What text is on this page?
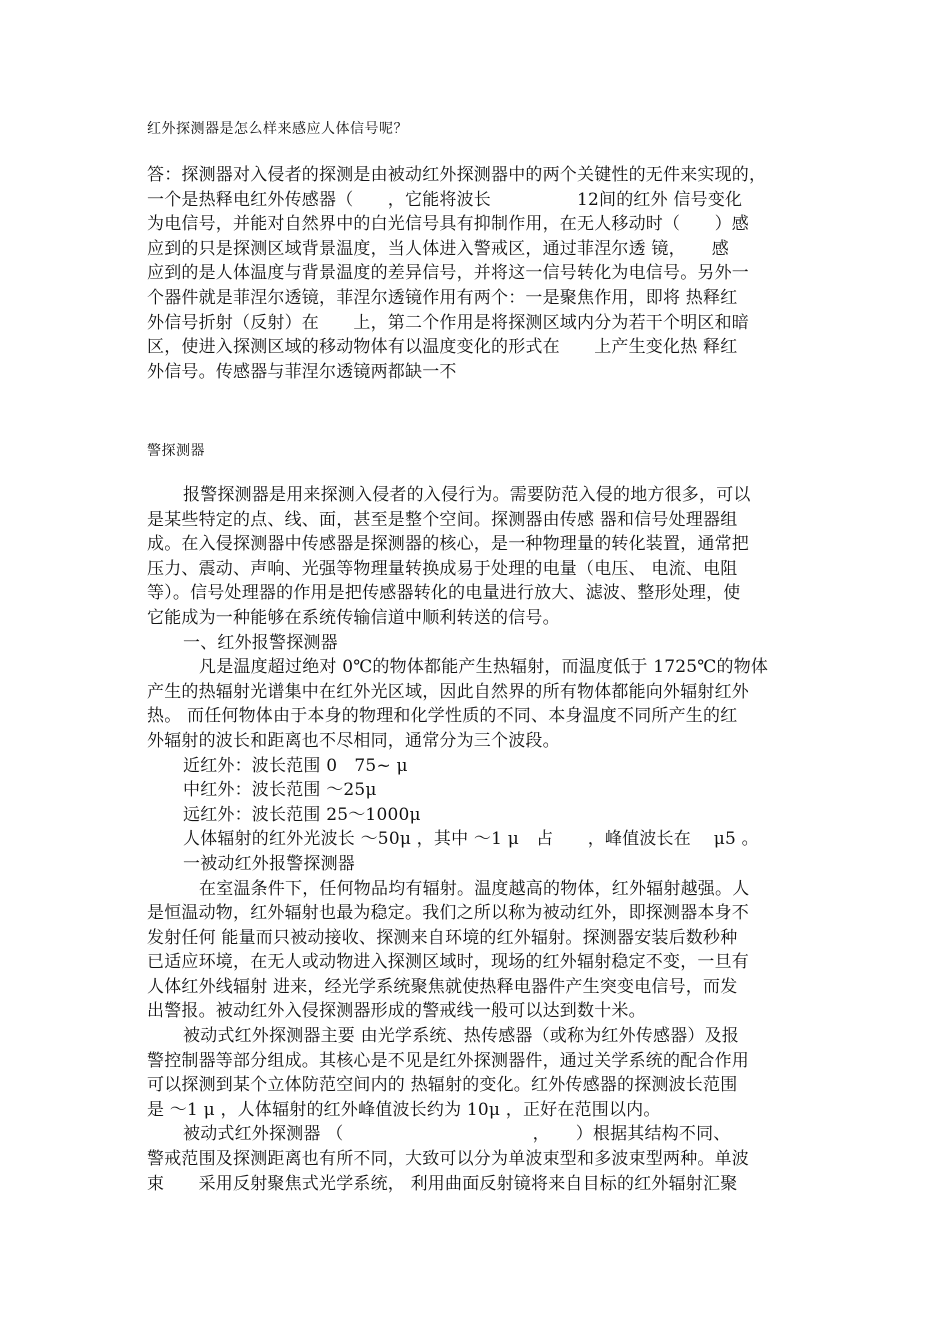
红外探测器是怎么样来感应人体信号呢？
答：探测器对入侵者的探测是由被动红外探测器中的两个关键性的无件来实现的，
一个是热释电红外传感器（　　，它能将波长　　　　　12间的红外 信号变化
为电信号，并能对自然界中的白光信号具有抑制作用，在无人移动时（　　）感
应到的只是探测区域背景温度，当人体进入警戒区，通过菲涅尔透 镜，　　感
应到的是人体温度与背景温度的差异信号，并将这一信号转化为电信号。另外一
个器件就是菲涅尔透镜，菲涅尔透镜作用有两个：一是聚焦作用，即将 热释红
外信号折射（反射）在　　上，第二个作用是将探测区域内分为若干个明区和暗
区，使进入探测区域的移动物体有以温度变化的形式在　　上产生变化热 释红
外信号。传感器与菲涅尔透镜两都缺一不
警探测器
报警探测器是用来探测入侵者的入侵行为。需要防范入侵的地方很多，可以
是某些特定的点、线、面，甚至是整个空间。探测器由传感 器和信号处理器组
成。在入侵探测器中传感器是探测器的核心，是一种物理量的转化装置，通常把
压力、震动、声响、光强等物理量转换成易于处理的电量（电压、 电流、电阻
等）。信号处理器的作用是把传感器转化的电量进行放大、滤波、整形处理，使
它能成为一种能够在系统传输信道中顺利转送的信号。
一、红外报警探测器
凡是温度超过绝对 0℃的物体都能产生热辐射，而温度低于 1725℃的物体
产生的热辐射光谱集中在红外光区域，因此自然界的所有物体都能向外辐射红外
热。 而任何物体由于本身的物理和化学性质的不同、本身温度不同所产生的红
外辐射的波长和距离也不尽相同，通常分为三个波段。
近红外：波长范围 0　75~ μ
中红外：波长范围 ～25μ
远红外：波长范围 25～1000μ
人体辐射的红外光波长 ～50μ ，其中 ～1 μ　占　　，峰值波长在　 μ5 。
一被动红外报警探测器
在室温条件下，任何物品均有辐射。温度越高的物体，红外辐射越强。人
是恒温动物，红外辐射也最为稳定。我们之所以称为被动红外，即探测器本身不
发射任何 能量而只被动接收、探测来自环境的红外辐射。探测器安装后数秒种
已适应环境，在无人或动物进入探测区域时，现场的红外辐射稳定不变，一旦有
人体红外线辐射 进来，经光学系统聚焦就使热释电器件产生突变电信号，而发
出警报。被动红外入侵探测器形成的警戒线一般可以达到数十米。
被动式红外探测器主要 由光学系统、热传感器（或称为红外传感器）及报
警控制器等部分组成。其核心是不见是红外探测器件，通过关学系统的配合作用
可以探测到某个立体防范空间内的 热辐射的变化。红外传感器的探测波长范围
是 ～1 μ ，人体辐射的红外峰值波长约为 10μ ，正好在范围以内。
被动式红外探测器 （　　　　　　　　　　　，　　）根据其结构不同、
警戒范围及探测距离也有所不同，大致可以分为单波束型和多波束型两种。单波
束　　采用反射聚焦式光学系统， 利用曲面反射镜将来自目标的红外辐射汇聚
